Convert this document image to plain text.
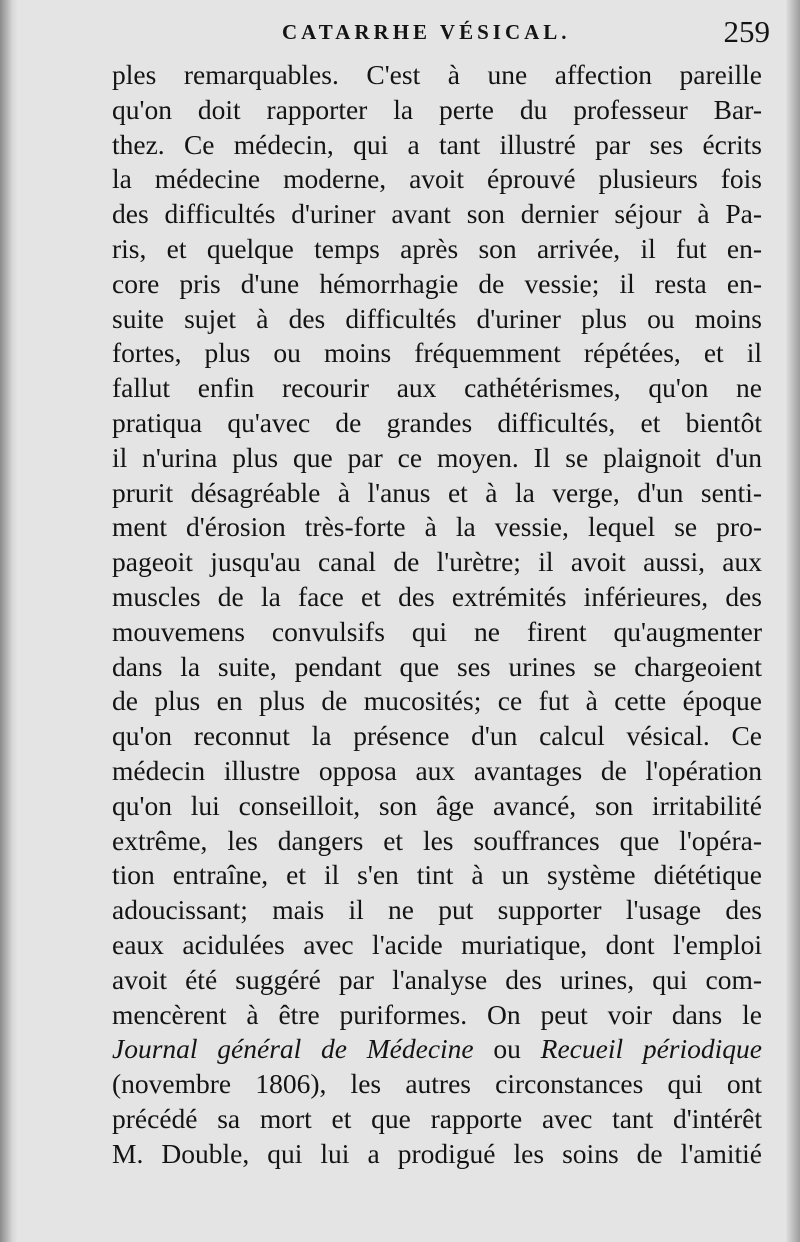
CATARRHE VÉSICAL.	259
ples remarquables. C'est à une affection pareille
qu'on doit rapporter la perte du professeur Bar-
thez. Ce médecin, qui a tant illustré par ses écrits
la médecine moderne, avoit éprouvé plusieurs fois
des difficultés d'uriner avant son dernier séjour à Pa-
ris, et quelque temps après son arrivée, il fut en-
core pris d'une hémorrhagie de vessie; il resta en-
suite sujet à des difficultés d'uriner plus ou moins
fortes, plus ou moins fréquemment répétées, et il
fallut enfin recourir aux cathétérismes, qu'on ne
pratiqua qu'avec de grandes difficultés, et bientôt
il n'urina plus que par ce moyen. Il se plaignoit d'un
prurit désagréable à l'anus et à la verge, d'un senti-
ment d'érosion très-forte à la vessie, lequel se pro-
pageoit jusqu'au canal de l'urètre; il avoit aussi, aux
muscles de la face et des extrémités inférieures, des
mouvemens convulsifs qui ne firent qu'augmenter
dans la suite, pendant que ses urines se chargeoient
de plus en plus de mucosités; ce fut à cette époque
qu'on reconnut la présence d'un calcul vésical. Ce
médecin illustre opposa aux avantages de l'opération
qu'on lui conseilloit, son âge avancé, son irritabilité
extrême, les dangers et les souffrances que l'opéra-
tion entraîne, et il s'en tint à un système diététique
adoucissant; mais il ne put supporter l'usage des
eaux acidulées avec l'acide muriatique, dont l'emploi
avoit été suggéré par l'analyse des urines, qui com-
mencèrent à être puriformes. On peut voir dans le
Journal général de Médecine ou Recueil périodique
(novembre 1806), les autres circonstances qui ont
précédé sa mort et que rapporte avec tant d'intérêt
M. Double, qui lui a prodigué les soins de l'amitié
